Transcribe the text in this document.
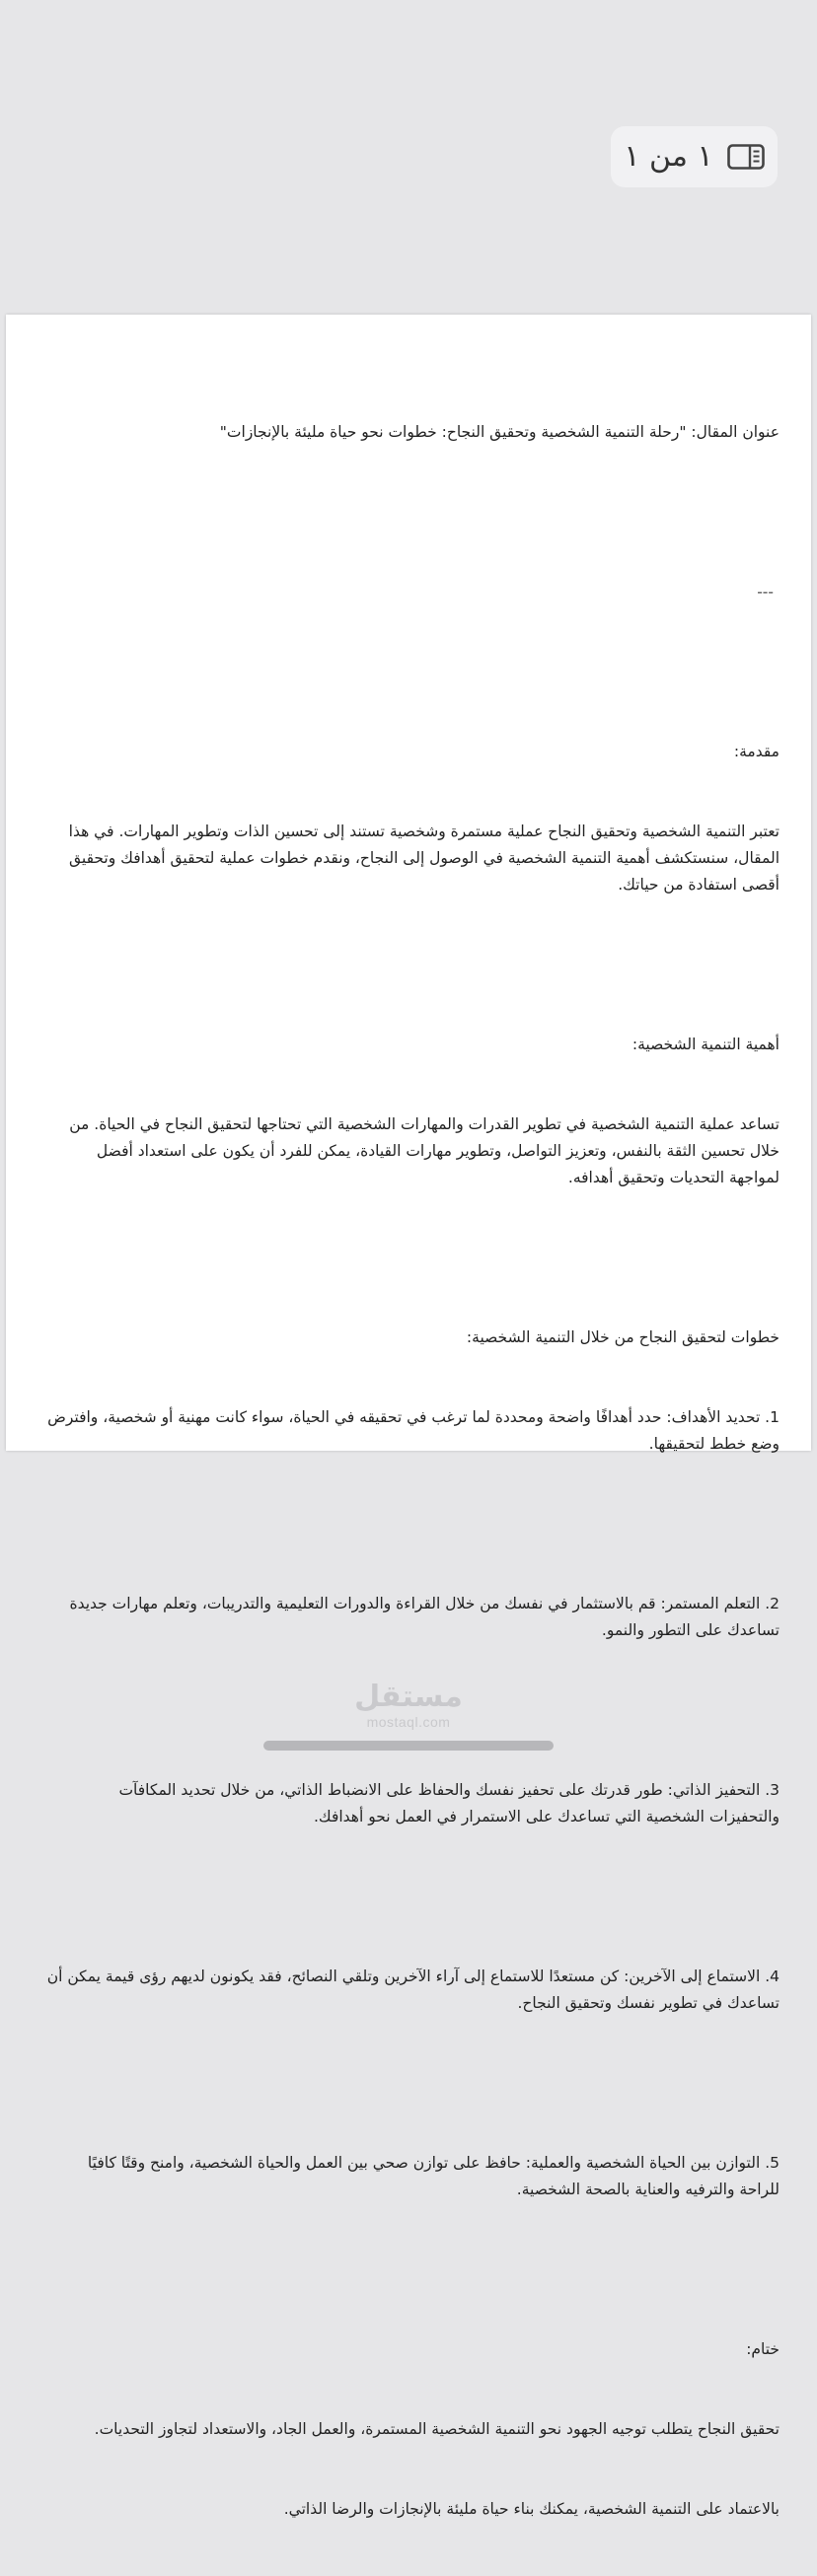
١ من ١

عنوان المقال: "رحلة التنمية الشخصية وتحقيق النجاح: خطوات نحو حياة مليئة بالإنجازات"

---

مقدمة:

تعتبر التنمية الشخصية وتحقيق النجاح عملية مستمرة وشخصية تستند إلى تحسين الذات وتطوير المهارات. في هذا المقال، سنستكشف أهمية التنمية الشخصية في الوصول إلى النجاح، ونقدم خطوات عملية لتحقيق أهدافك وتحقيق أقصى استفادة من حياتك.

أهمية التنمية الشخصية:

تساعد عملية التنمية الشخصية في تطوير القدرات والمهارات الشخصية التي تحتاجها لتحقيق النجاح في الحياة. من خلال تحسين الثقة بالنفس، وتعزيز التواصل، وتطوير مهارات القيادة، يمكن للفرد أن يكون على استعداد أفضل لمواجهة التحديات وتحقيق أهدافه.

خطوات لتحقيق النجاح من خلال التنمية الشخصية:

1. تحديد الأهداف: حدد أهدافًا واضحة ومحددة لما ترغب في تحقيقه في الحياة، سواء كانت مهنية أو شخصية، وافترض وضع خطط لتحقيقها.

2. التعلم المستمر: قم بالاستثمار في نفسك من خلال القراءة والدورات التعليمية والتدريبات، وتعلم مهارات جديدة تساعدك على التطور والنمو.

3. التحفيز الذاتي: طور قدرتك على تحفيز نفسك والحفاظ على الانضباط الذاتي، من خلال تحديد المكافآت والتحفيزات الشخصية التي تساعدك على الاستمرار في العمل نحو أهدافك.

4. الاستماع إلى الآخرين: كن مستعدًا للاستماع إلى آراء الآخرين وتلقي النصائح، فقد يكونون لديهم رؤى قيمة يمكن أن تساعدك في تطوير نفسك وتحقيق النجاح.

5. التوازن بين الحياة الشخصية والعملية: حافظ على توازن صحي بين العمل والحياة الشخصية، وامنح وقتًا كافيًا للراحة والترفيه والعناية بالصحة الشخصية.

ختام:

تحقيق النجاح يتطلب توجيه الجهود نحو التنمية الشخصية المستمرة، والعمل الجاد، والاستعداد لتجاوز التحديات.

بالاعتماد على التنمية الشخصية، يمكنك بناء حياة مليئة بالإنجازات والرضا الذاتي.

مستقل
mostaql.com
